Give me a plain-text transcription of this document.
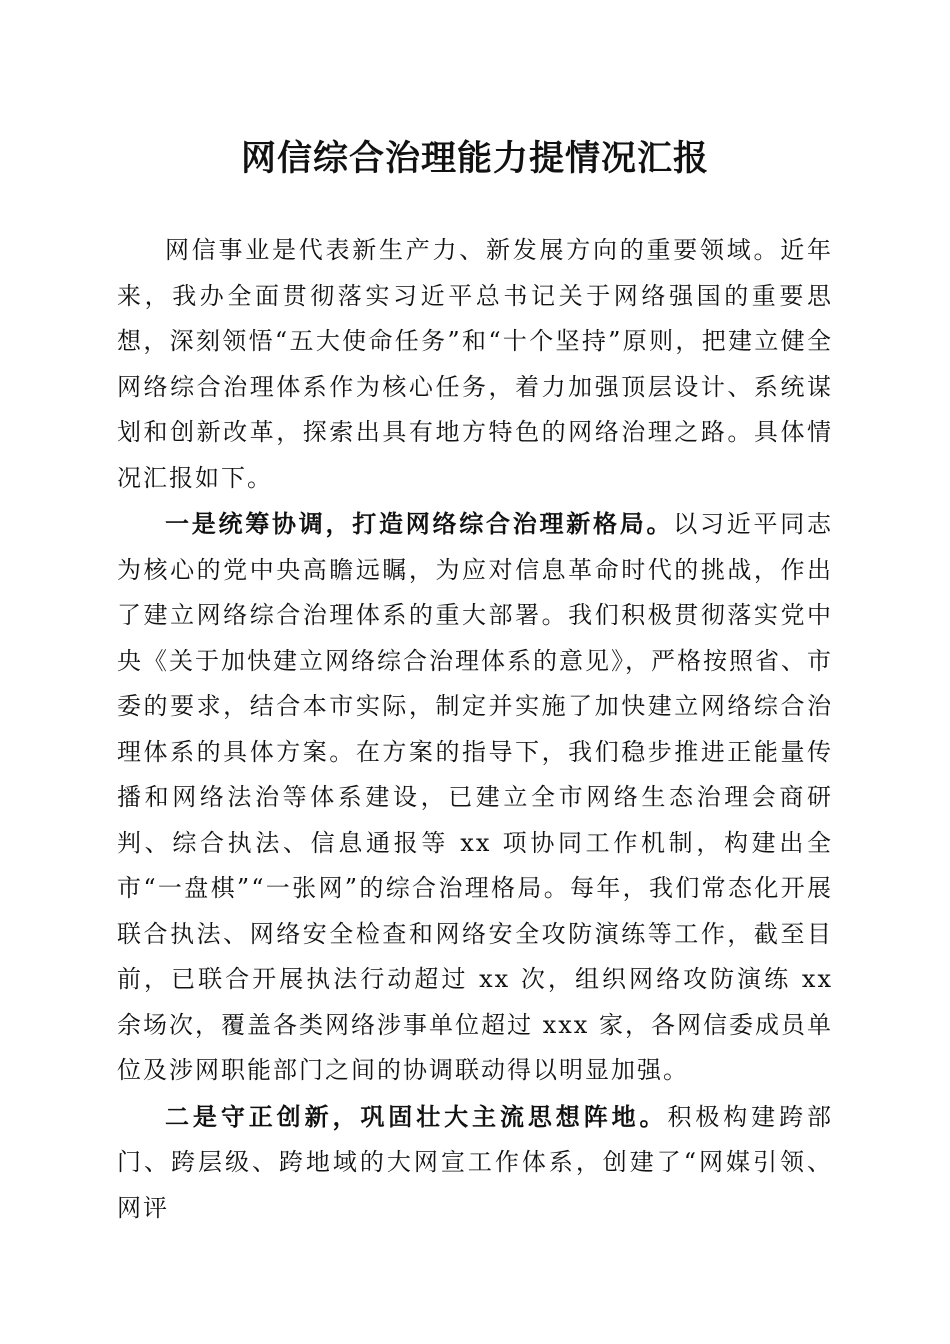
网信综合治理能力提情况汇报

网信事业是代表新生产力、新发展方向的重要领域。近年来，我办全面贯彻落实习近平总书记关于网络强国的重要思想，深刻领悟“五大使命任务”和“十个坚持”原则，把建立健全网络综合治理体系作为核心任务，着力加强顶层设计、系统谋划和创新改革，探索出具有地方特色的网络治理之路。具体情况汇报如下。

一是统筹协调，打造网络综合治理新格局。以习近平同志为核心的党中央高瞻远瞩，为应对信息革命时代的挑战，作出了建立网络综合治理体系的重大部署。我们积极贯彻落实党中央《关于加快建立网络综合治理体系的意见》，严格按照省、市委的要求，结合本市实际，制定并实施了加快建立网络综合治理体系的具体方案。在方案的指导下，我们稳步推进正能量传播和网络法治等体系建设，已建立全市网络生态治理会商研判、综合执法、信息通报等 xx 项协同工作机制，构建出全市“一盘棋”“一张网”的综合治理格局。每年，我们常态化开展联合执法、网络安全检查和网络安全攻防演练等工作，截至目前，已联合开展执法行动超过 xx 次，组织网络攻防演练 xx 余场次，覆盖各类网络涉事单位超过 xxx 家，各网信委成员单位及涉网职能部门之间的协调联动得以明显加强。

二是守正创新，巩固壮大主流思想阵地。积极构建跨部门、跨层级、跨地域的大网宣工作体系，创建了“网媒引领、网评
